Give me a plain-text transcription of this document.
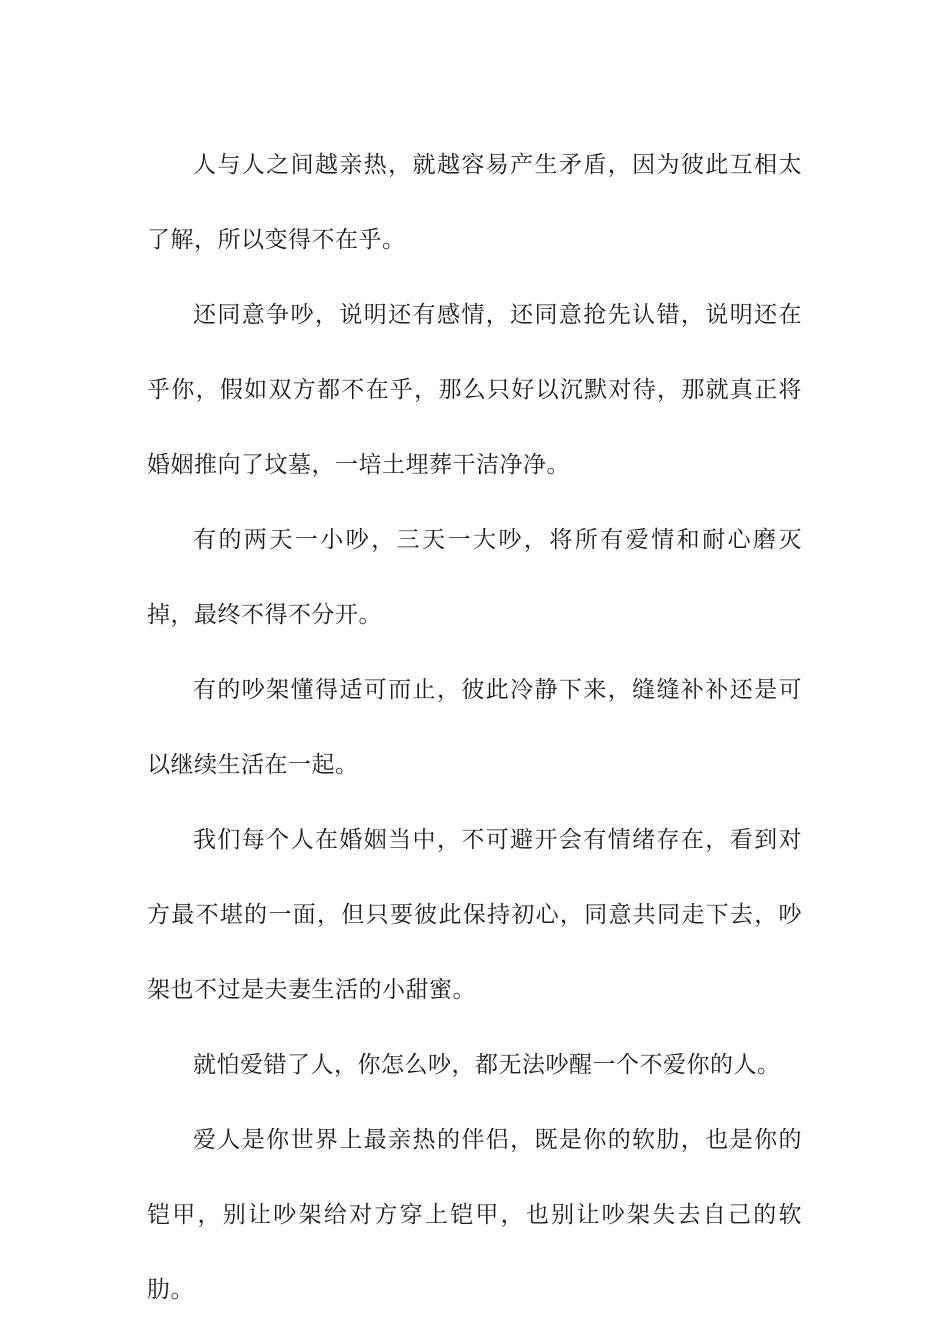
人与人之间越亲热，就越容易产生矛盾，因为彼此互相太了解，所以变得不在乎。

还同意争吵，说明还有感情，还同意抢先认错，说明还在乎你，假如双方都不在乎，那么只好以沉默对待，那就真正将婚姻推向了坟墓，一培土埋葬干洁净净。

有的两天一小吵，三天一大吵，将所有爱情和耐心磨灭掉，最终不得不分开。

有的吵架懂得适可而止，彼此冷静下来，缝缝补补还是可以继续生活在一起。

我们每个人在婚姻当中，不可避开会有情绪存在，看到对方最不堪的一面，但只要彼此保持初心，同意共同走下去，吵架也不过是夫妻生活的小甜蜜。

就怕爱错了人，你怎么吵，都无法吵醒一个不爱你的人。

爱人是你世界上最亲热的伴侣，既是你的软肋，也是你的铠甲，别让吵架给对方穿上铠甲，也别让吵架失去自己的软肋。
